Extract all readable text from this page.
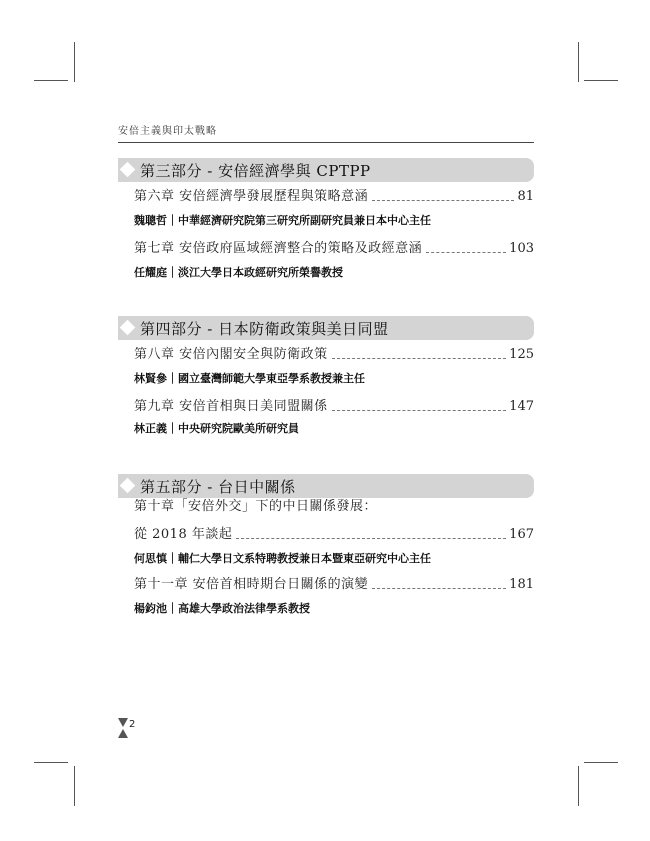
安倍主義與印太戰略
第三部分 - 安倍經濟學與 CPTPP
第六章 安倍經濟學發展歷程與策略意涵	81
魏聰哲｜中華經濟研究院第三研究所副研究員兼日本中心主任
第七章 安倍政府區域經濟整合的策略及政經意涵	103
任耀庭｜淡江大學日本政經研究所榮譽教授
第四部分 - 日本防衛政策與美日同盟
第八章 安倍內閣安全與防衛政策	125
林賢參｜國立臺灣師範大學東亞學系教授兼主任
第九章 安倍首相與日美同盟關係	147
林正義｜中央研究院歐美所研究員
第五部分 - 台日中關係
第十章「安倍外交」下的中日關係發展：
從 2018 年談起	167
何思慎｜輔仁大學日文系特聘教授兼日本暨東亞研究中心主任
第十一章 安倍首相時期台日關係的演變	181
楊鈞池｜高雄大學政治法律學系教授
2
